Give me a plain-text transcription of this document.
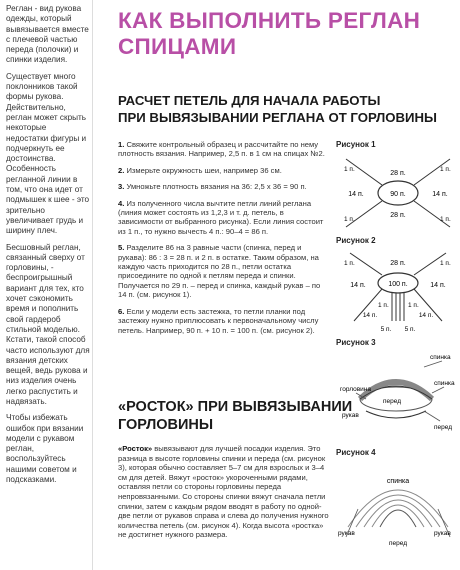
Реглан - вид рукова одежды, который вывязывается вместе с плечевой частью переда (полочки) и спинки изделия.

Существует много поклонников такой формы рукова. Действительно, реглан может скрыть некоторые недостатки фигуры и подчеркнуть ее достоинства. Особенность регланной линии в том, что она идет от подмышек к шее - это зрительно увеличивает грудь и ширину плеч.

Бесшовный реглан, связанный сверху от горловины, - беспроигрышный вариант для тех, кто хочет сэкономить время и пополнить свой гардероб стильной моделью. Кстати, такой способ часто используют для вязания детских вещей, ведь рукова и низ изделия очень легко распустить и надвязать.

Чтобы избежать ошибок при вязании модели с рукавом реглан, воспользуйтесь нашими советом и подсказками.

КАК ВЫПОЛНИТЬ РЕГЛАН
СПИЦАМИ
РАСЧЕТ ПЕТЕЛЬ ДЛЯ НАЧАЛА РАБОТЫ
ПРИ ВЫВЯЗЫВАНИИ РЕГЛАНА ОТ ГОРЛОВИНЫ

1. Свяжите контрольный образец и рассчитайте по нему плотность вязания. Например, 2,5 п. в 1 см на спицах №2.

2. Измерьте окружность шеи, например 36 см.

3. Умножьте плотность вязания на 36: 2,5 х 36 = 90 п.

4. Из полученного числа вычтите петли линий реглана (линия может состоять из 1,2,3 и т. д. петель, в зависимости от выбранного рисунка). Если линия состоит из 1 п., то нужно вычесть 4 п.: 90–4 = 86 п.

5. Разделите 86 на 3 равные части (спинка, перед и рукава): 86 : 3 = 28 п. и 2 п. в остатке. Таким образом, на каждую часть приходится по 28 п., петли остатка присоедините по одной к петлям переда и спинки. Получается по 29 п. – перед и спинка, каждый рукав – по 14 п. (см. рисунок 1).

6. Если у модели есть застежка, то петли планки под застежку нужно приплюсовать к первоначальному числу петель. Например, 90 п. + 10 п. = 100 п. (см. рисунок 2).

«РОСТОК» ПРИ ВЫВЯЗЫВАНИИ
ГОРЛОВИНЫ
«Росток» вывязывают для лучшей посадки изделия. Это разница в высоте горловины спинки и переда (см. рисунок 3), которая обычно составляет 5–7 см для взрослых и 3–4 см для детей. Вяжут «росток» укороченными рядами, оставляя петли со стороны горловины переда непровязанными. Со стороны спинки вяжут сначала петли спинки, затем с каждым рядом вводят в работу по одной-две петли от рукавов справа и слева до получения нужного количества петель (см. рисунок 4). Когда высота «ростка» не достигнет нужного размера.
Рисунок 1
90 п.
28 п.
28 п.
14 п.	14 п.
1 п.	1 п.
1 п.	1 п.
Рисунок 2
100 п.
28 п.
14 п.	14 п.
14 п.	14 п.
1 п.	1 п.
1 п.	1 п.
5 п. 5 п.
Рисунок 3
спинка
спинка
горловина
перед
рукав
перед
Рисунок 4
спинка
рукав	рукав
перед
